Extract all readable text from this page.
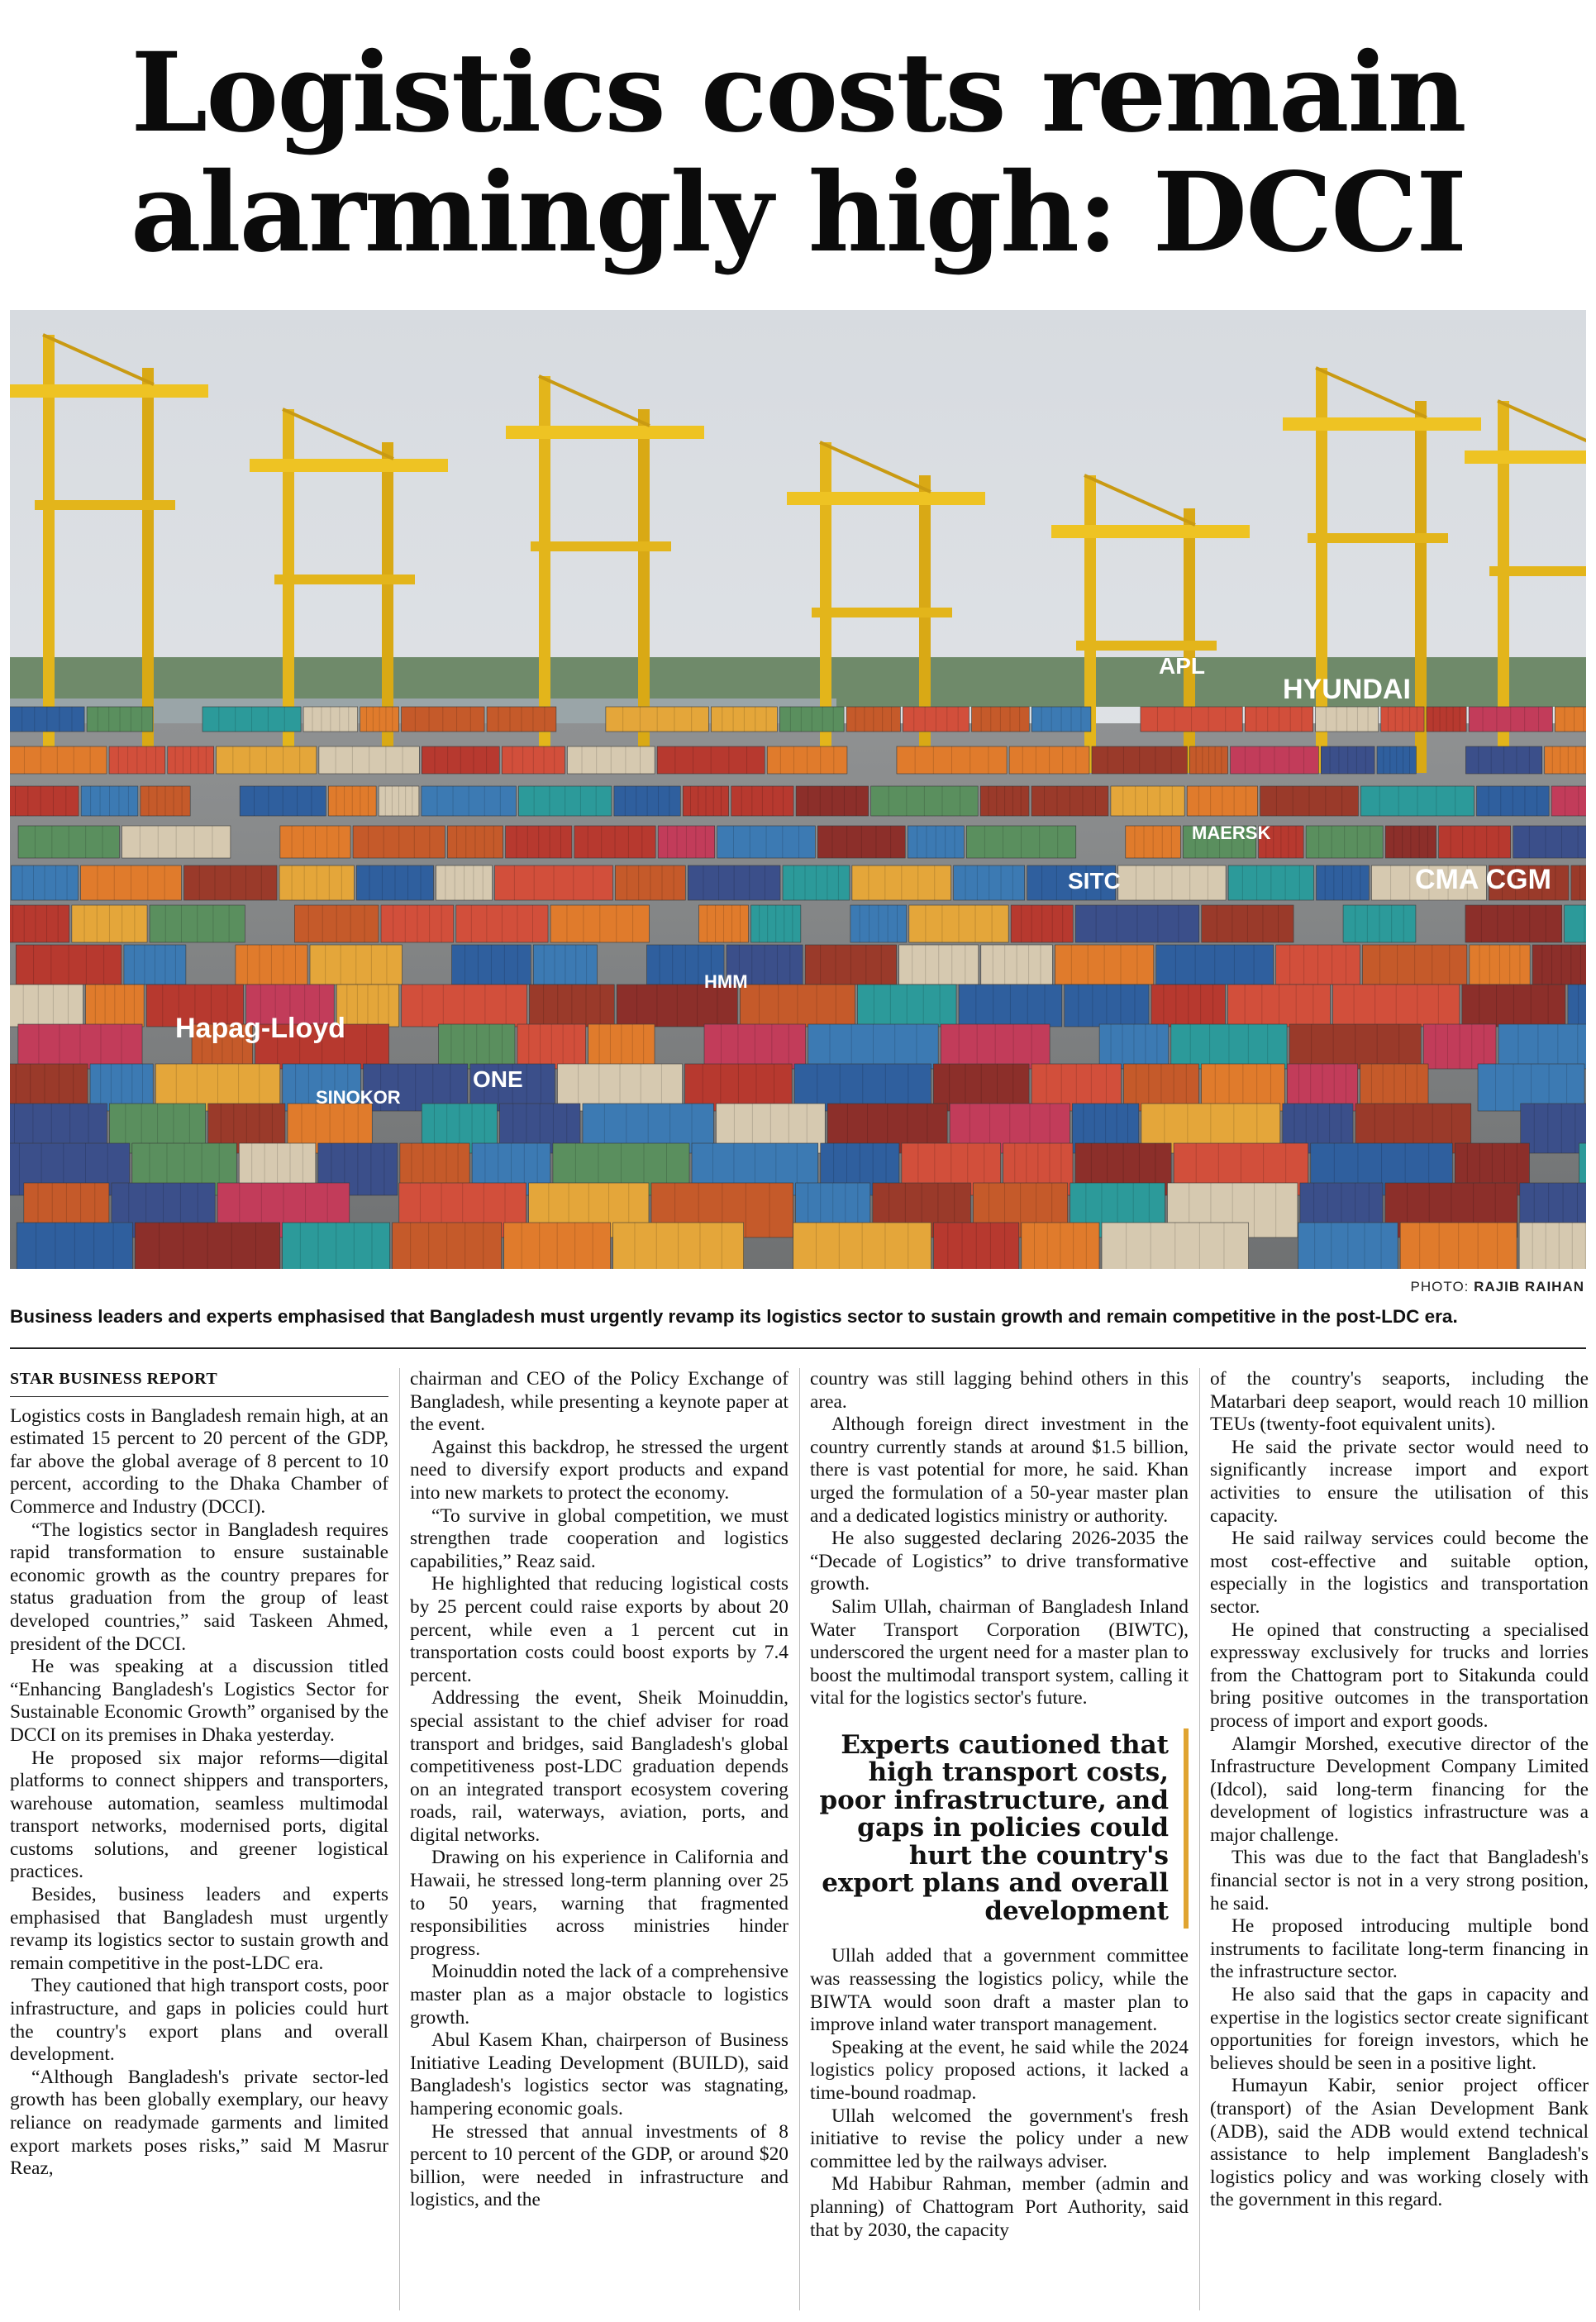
Logistics costs remain
alarmingly high: DCCI
MAERSK
SITC	CMA CGM
SINOKOR
ONE
Hapag-Lloyd
HMM
APL
HYUNDAI
PHOTO: RAJIB RAIHAN
Business leaders and experts emphasised that Bangladesh must urgently revamp its logistics sector to sustain growth and remain competitive in the post-LDC era.
STAR BUSINESS REPORT

Logistics costs in Bangladesh remain high, at an estimated 15 percent to 20 percent of the GDP, far above the global average of 8 percent to 10 percent, according to the Dhaka Chamber of Commerce and Industry (DCCI).

“The logistics sector in Bangladesh requires rapid transformation to ensure sustainable economic growth as the country prepares for status graduation from the group of least developed countries,” said Taskeen Ahmed, president of the DCCI.

He was speaking at a discussion titled “Enhancing Bangladesh's Logistics Sector for Sustainable Economic Growth” organised by the DCCI on its premises in Dhaka yesterday.

He proposed six major reforms—digital platforms to connect shippers and transporters, warehouse automation, seamless multimodal transport networks, modernised ports, digital customs solutions, and greener logistical practices.

Besides, business leaders and experts emphasised that Bangladesh must urgently revamp its logistics sector to sustain growth and remain competitive in the post-LDC era.

They cautioned that high transport costs, poor infrastructure, and gaps in policies could hurt the country's export plans and overall development.

“Although Bangladesh's private sector-led growth has been globally exemplary, our heavy reliance on readymade garments and limited export markets poses risks,” said M Masrur Reaz,

chairman and CEO of the Policy Exchange of Bangladesh, while presenting a keynote paper at the event.

Against this backdrop, he stressed the urgent need to diversify export products and expand into new markets to protect the economy.

“To survive in global competition, we must strengthen trade cooperation and logistics capabilities,” Reaz said.

He highlighted that reducing logistical costs by 25 percent could raise exports by about 20 percent, while even a 1 percent cut in transportation costs could boost exports by 7.4 percent.

Addressing the event, Sheik Moinuddin, special assistant to the chief adviser for road transport and bridges, said Bangladesh's global competitiveness post-LDC graduation depends on an integrated transport ecosystem covering roads, rail, waterways, aviation, ports, and digital networks.

Drawing on his experience in California and Hawaii, he stressed long-term planning over 25 to 50 years, warning that fragmented responsibilities across ministries hinder progress.

Moinuddin noted the lack of a comprehensive master plan as a major obstacle to logistics growth.

Abul Kasem Khan, chairperson of Business Initiative Leading Development (BUILD), said Bangladesh's logistics sector was stagnating, hampering economic goals.

He stressed that annual investments of 8 percent to 10 percent of the GDP, or around $20 billion, were needed in infrastructure and logistics, and the

country was still lagging behind others in this area.

Although foreign direct investment in the country currently stands at around $1.5 billion, there is vast potential for more, he said. Khan urged the formulation of a 50-year master plan and a dedicated logistics ministry or authority.

He also suggested declaring 2026-2035 the “Decade of Logistics” to drive transformative growth.

Salim Ullah, chairman of Bangladesh Inland Water Transport Corporation (BIWTC), underscored the urgent need for a master plan to boost the multimodal transport system, calling it vital for the logistics sector's future.

Experts cautioned that high transport costs, poor infrastructure, and gaps in policies could hurt the country's export plans and overall development

Ullah added that a government committee was reassessing the logistics policy, while the BIWTA would soon draft a master plan to improve inland water transport management.

Speaking at the event, he said while the 2024 logistics policy proposed actions, it lacked a time-bound roadmap.

Ullah welcomed the government's fresh initiative to revise the policy under a new committee led by the railways adviser.

Md Habibur Rahman, member (admin and planning) of Chattogram Port Authority, said that by 2030, the capacity

of the country's seaports, including the Matarbari deep seaport, would reach 10 million TEUs (twenty-foot equivalent units).

He said the private sector would need to significantly increase import and export activities to ensure the utilisation of this capacity.

He said railway services could become the most cost-effective and suitable option, especially in the logistics and transportation sector.

He opined that constructing a specialised expressway exclusively for trucks and lorries from the Chattogram port to Sitakunda could bring positive outcomes in the transportation process of import and export goods.

Alamgir Morshed, executive director of the Infrastructure Development Company Limited (Idcol), said long-term financing for the development of logistics infrastructure was a major challenge.

This was due to the fact that Bangladesh's financial sector is not in a very strong position, he said.

He proposed introducing multiple bond instruments to facilitate long-term financing in the infrastructure sector.

He also said that the gaps in capacity and expertise in the logistics sector create significant opportunities for foreign investors, which he believes should be seen in a positive light.

Humayun Kabir, senior project officer (transport) of the Asian Development Bank (ADB), said the ADB would extend technical assistance to help implement Bangladesh's logistics policy and was working closely with the government in this regard.
